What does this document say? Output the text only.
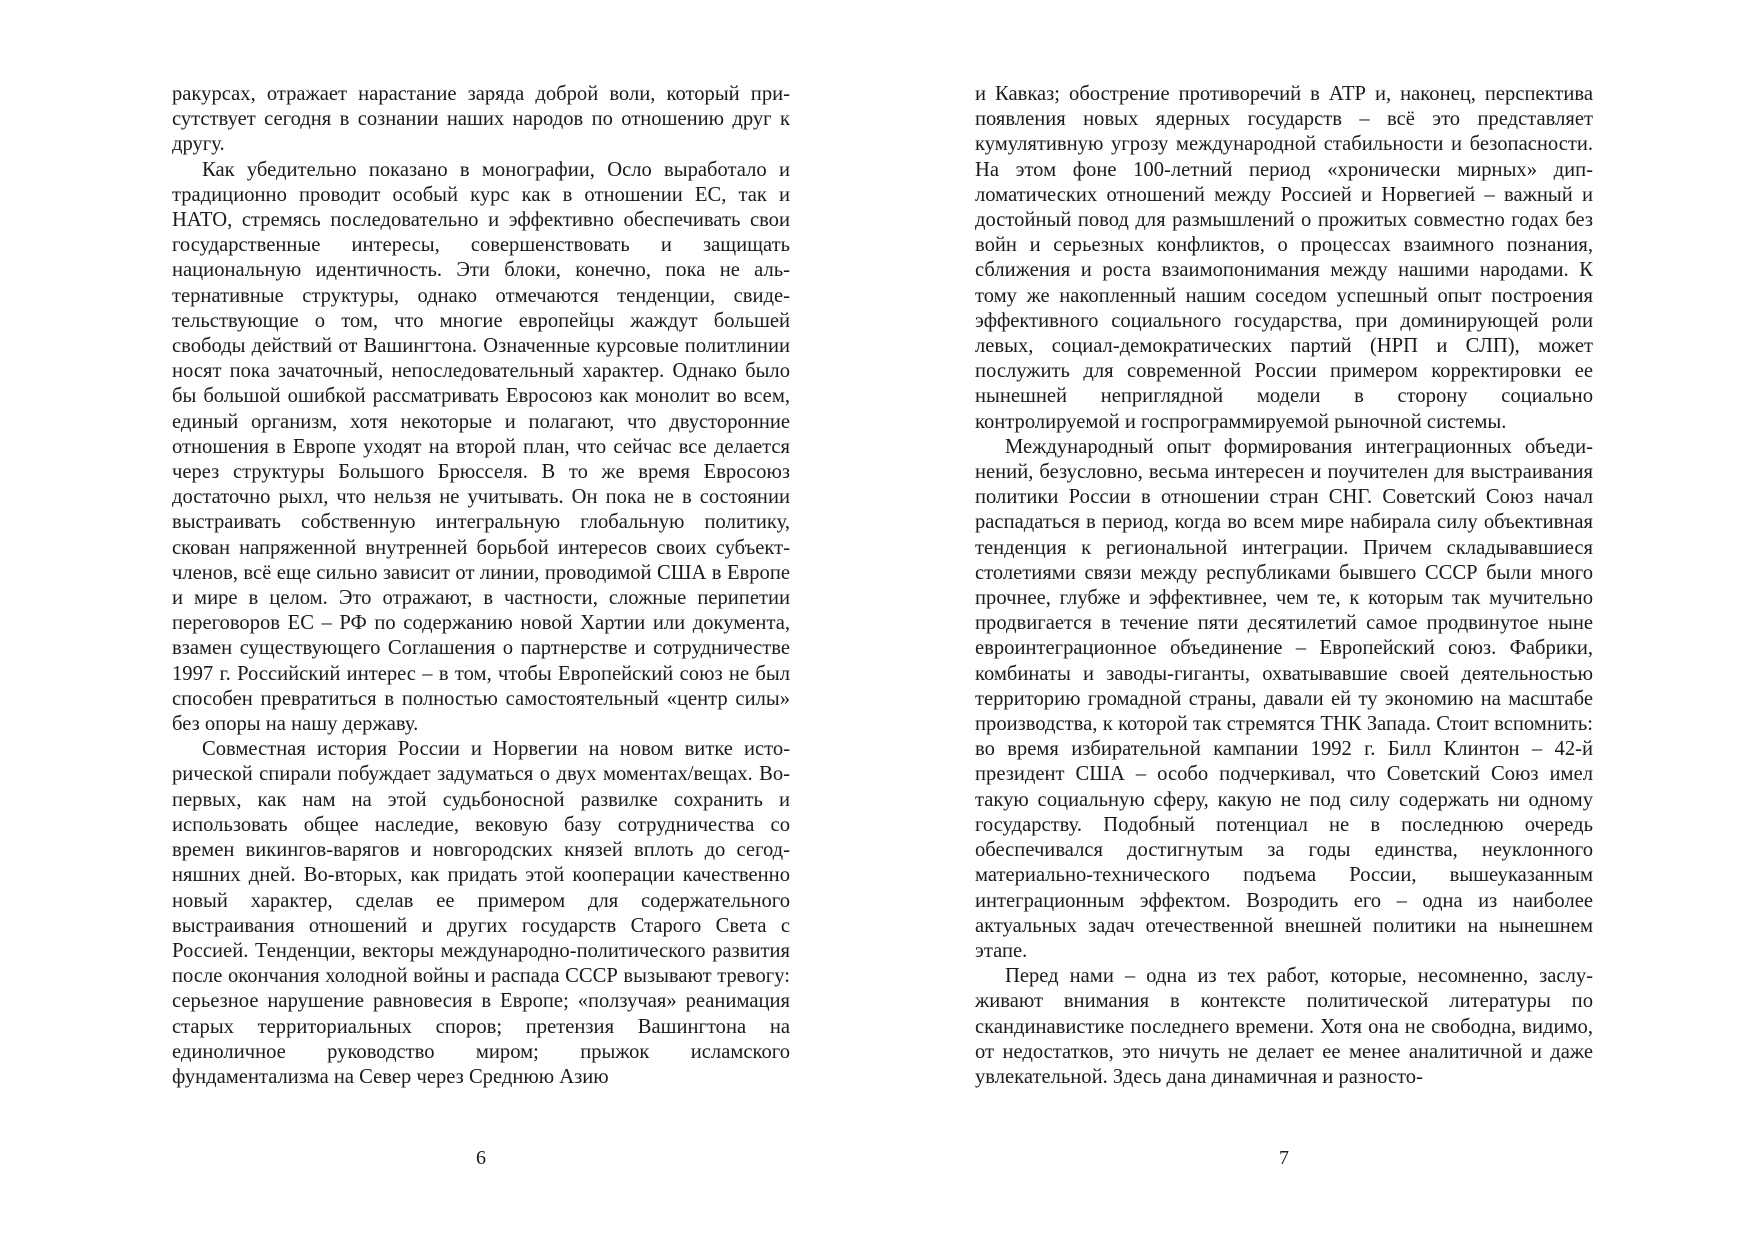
ракурсах, отражает нарастание заряда доброй воли, который присутствует сегодня в сознании наших народов по отношению друг к другу.

Как убедительно показано в монографии, Осло выработало и традиционно проводит особый курс как в отношении ЕС, так и НАТО, стремясь последовательно и эффективно обеспечивать свои государственные интересы, совершенствовать и защищать национальную идентичность. Эти блоки, конечно, пока не альтернативные структуры, однако отмечаются тенденции, свидетельствующие о том, что многие европейцы жаждут большей свободы действий от Вашингтона. Означенные курсовые политлинии носят пока зачаточный, непоследовательный характер. Однако было бы большой ошибкой рассматривать Евросоюз как монолит во всем, единый организм, хотя некоторые и полагают, что двусторонние отношения в Европе уходят на второй план, что сейчас все делается через структуры Большого Брюсселя. В то же время Евросоюз достаточно рыхл, что нельзя не учитывать. Он пока не в состоянии выстраивать собственную интегральную глобальную политику, скован напряженной внутренней борьбой интересов своих субъект-членов, всё еще сильно зависит от линии, проводимой США в Европе и мире в целом. Это отражают, в частности, сложные перипетии переговоров ЕС – РФ по содержанию новой Хартии или документа, взамен существующего Соглашения о партнерстве и сотрудничестве 1997 г. Российский интерес – в том, чтобы Европейский союз не был способен превратиться в полностью самостоятельный «центр силы» без опоры на нашу державу.

Совместная история России и Норвегии на новом витке исторической спирали побуждает задуматься о двух моментах/вещах. Во-первых, как нам на этой судьбоносной развилке сохранить и использовать общее наследие, вековую базу сотрудничества со времен викингов-варягов и новгородских князей вплоть до сегодняшних дней. Во-вторых, как придать этой кооперации качественно новый характер, сделав ее примером для содержательного выстраивания отношений и других государств Старого Света с Россией. Тенденции, векторы международно-политического развития после окончания холодной войны и распада СССР вызывают тревогу: серьезное нарушение равновесия в Европе; «ползучая» реанимация старых территориальных споров; претензия Вашингтона на единоличное руководство миром; прыжок исламского фундаментализма на Север через Среднюю Азию

6

и Кавказ; обострение противоречий в АТР и, наконец, перспектива появления новых ядерных государств – всё это представляет кумулятивную угрозу международной стабильности и безопасности. На этом фоне 100-летний период «хронически мирных» дипломатических отношений между Россией и Норвегией – важный и достойный повод для размышлений о прожитых совместно годах без войн и серьезных конфликтов, о процессах взаимного познания, сближения и роста взаимопонимания между нашими народами. К тому же накопленный нашим соседом успешный опыт построения эффективного социального государства, при доминирующей роли левых, социал-демократических партий (НРП и СЛП), может послужить для современной России примером корректировки ее нынешней неприглядной модели в сторону социально контролируемой и госпрограммируемой рыночной системы.

Международный опыт формирования интеграционных объединений, безусловно, весьма интересен и поучителен для выстраивания политики России в отношении стран СНГ. Советский Союз начал распадаться в период, когда во всем мире набирала силу объективная тенденция к региональной интеграции. Причем складывавшиеся столетиями связи между республиками бывшего СССР были много прочнее, глубже и эффективнее, чем те, к которым так мучительно продвигается в течение пяти десятилетий самое продвинутое ныне евроинтеграционное объединение – Европейский союз. Фабрики, комбинаты и заводы-гиганты, охватывавшие своей деятельностью территорию громадной страны, давали ей ту экономию на масштабе производства, к которой так стремятся ТНК Запада. Стоит вспомнить: во время избирательной кампании 1992 г. Билл Клинтон – 42-й президент США – особо подчеркивал, что Советский Союз имел такую социальную сферу, какую не под силу содержать ни одному государству. Подобный потенциал не в последнюю очередь обеспечивался достигнутым за годы единства, неуклонного материально-технического подъема России, вышеуказанным интеграционным эффектом. Возродить его – одна из наиболее актуальных задач отечественной внешней политики на нынешнем этапе.

Перед нами – одна из тех работ, которые, несомненно, заслуживают внимания в контексте политической литературы по скандинавистике последнего времени. Хотя она не свободна, видимо, от недостатков, это ничуть не делает ее менее аналитичной и даже увлекательной. Здесь дана динамичная и разносто-

7
